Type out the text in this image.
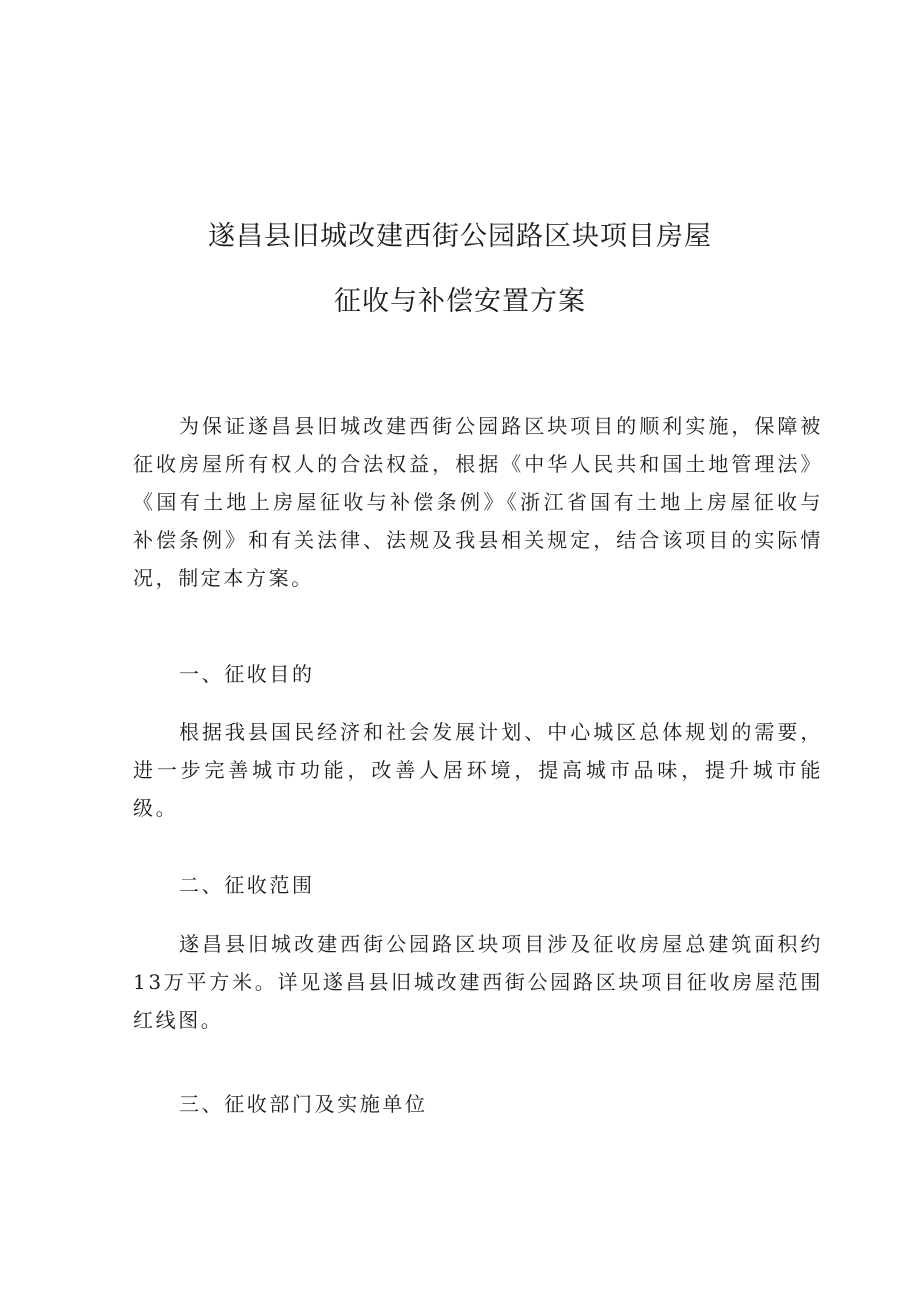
遂昌县旧城改建西街公园路区块项目房屋
征收与补偿安置方案

为保证遂昌县旧城改建西街公园路区块项目的顺利实施，保障被征收房屋所有权人的合法权益，根据《中华人民共和国土地管理法》《国有土地上房屋征收与补偿条例》《浙江省国有土地上房屋征收与补偿条例》和有关法律、法规及我县相关规定，结合该项目的实际情况，制定本方案。

一、征收目的

根据我县国民经济和社会发展计划、中心城区总体规划的需要，进一步完善城市功能，改善人居环境，提高城市品味，提升城市能级。

二、征收范围

遂昌县旧城改建西街公园路区块项目涉及征收房屋总建筑面积约13万平方米。详见遂昌县旧城改建西街公园路区块项目征收房屋范围红线图。

三、征收部门及实施单位
